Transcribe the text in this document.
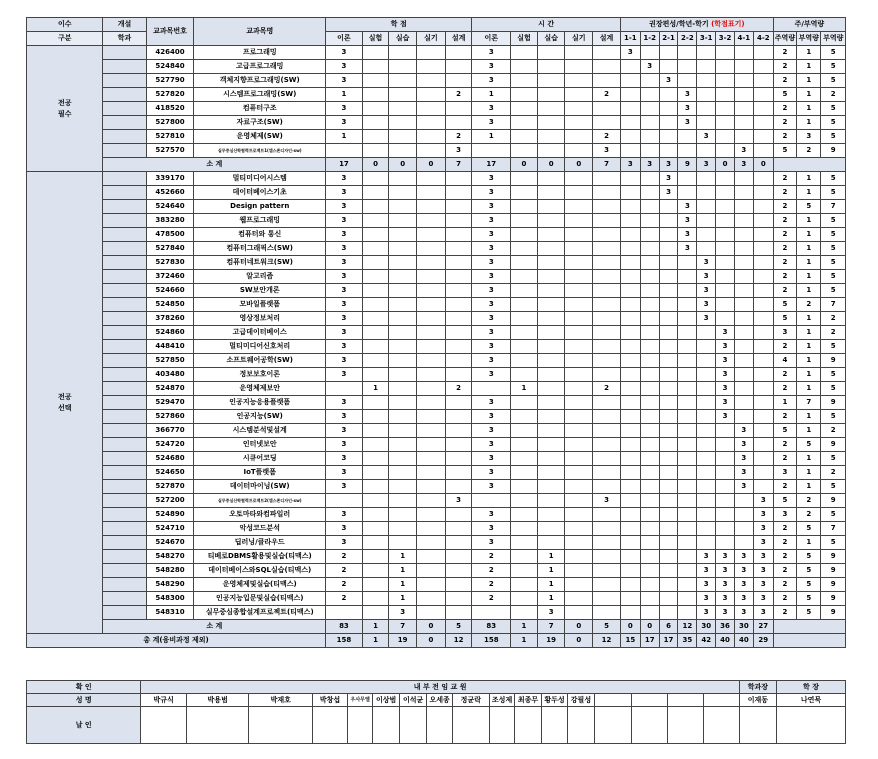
이수	개설	교과목번호	교과목명	학 점					시 간					권장편성/학년-학기 (학점표기)								주/부역량		
구분	학과			이론	실험	실습	실기	설계	이론	실험	실습	실기	설계	1-1	1-2	2-1	2-2	3-1	3-2	4-1	4-2	주역량	부역량	부역량
전공
필수		426400	프로그래밍	3					3					3								2	1	5
		524840	고급프로그래밍	3					3						3							2	1	5
		527790	객체지향프로그래밍(SW)	3					3							3						2	1	5
		527820	시스템프로그래밍(SW)	1				2	1				2				3					5	1	2
		418520	컴퓨터구조	3					3								3					2	1	5
		527800	자료구조(SW)	3					3								3					2	1	5
		527810	운영체제(SW)	1				2	1				2					3				2	3	5
		527570	실무중심산학협력프로젝트1(캡스톤디자인-sw)					3					3							3		5	2	9
	소 계			17	0	0	0	7	17	0	0	0	7	3	3	3	9	3	0	3	0			
전공
선택		339170	멀티미디어시스템	3					3							3						2	1	5
		452660	데이터베이스기초	3					3							3						2	1	5
		524640	Design pattern	3					3								3					2	5	7
		383280	웹프로그래밍	3					3								3					2	1	5
		478500	컴퓨터와 통신	3					3								3					2	1	5
		527840	컴퓨터그래픽스(SW)	3					3								3					2	1	5
		527830	컴퓨터네트워크(SW)	3					3									3				2	1	5
		372460	알고리즘	3					3									3				2	1	5
		524660	SW보안개론	3					3									3				2	1	5
		524850	모바일플랫폼	3					3									3				5	2	7
		378260	영상정보처리	3					3									3				5	1	2
		524860	고급데이터베이스	3					3										3			3	1	2
		448410	멀티미디어신호처리	3					3										3			2	1	5
		527850	소프트웨어공학(SW)	3					3										3			4	1	9
		403480	정보보호이론	3					3										3			2	1	5
		524870	운영체제보안		1			2		1			2						3			2	1	5
		529470	인공지능응용플랫폼	3					3										3			1	7	9
		527860	인공지능(SW)	3					3										3			2	1	5
		366770	시스템분석및설계	3					3											3		5	1	2
		524720	인터넷보안	3					3											3		2	5	9
		524680	시큐어코딩	3					3											3		2	1	5
		524650	IoT플랫폼	3					3											3		3	1	2
		527870	데이터마이닝(SW)	3					3											3		2	1	5
		527200	실무중심산학협력프로젝트2(캡스톤디자인-sw)					3					3								3	5	2	9
		524890	오토마타와컴파일러	3					3												3	3	2	5
		524710	악성코드분석	3					3												3	2	5	7
		524670	딥러닝/클라우드	3					3												3	2	1	5
		548270	티베로DBMS활용및실습(티맥스)	2		1			2		1							3	3	3	3	2	5	9
		548280	데이터베이스와SQL실습(티맥스)	2		1			2		1							3	3	3	3	2	5	9
		548290	운영체제및실습(티맥스)	2		1			2		1							3	3	3	3	2	5	9
		548300	인공지능입문및실습(티맥스)	2		1			2		1							3	3	3	3	2	5	9
		548310	실무중심종합설계프로젝트(티맥스)			3					3							3	3	3	3	2	5	9
	소 계			83	1	7	0	5	83	1	7	0	5	0	0	6	12	30	36	30	27			
총 계(융비과정 제외)				158	1	19	0	12	158	1	19	0	12	15	17	17	35	42	40	40	29			
확 인	내 부 전 임 교 원																	학과장	학 장
성 명	박규식	박용범	박재호	박창섭	우사무엘	이상범	이석균	오세종	정균락	조성제	최종무	황두성	강필성					이재동	나연묵
날 인																			
